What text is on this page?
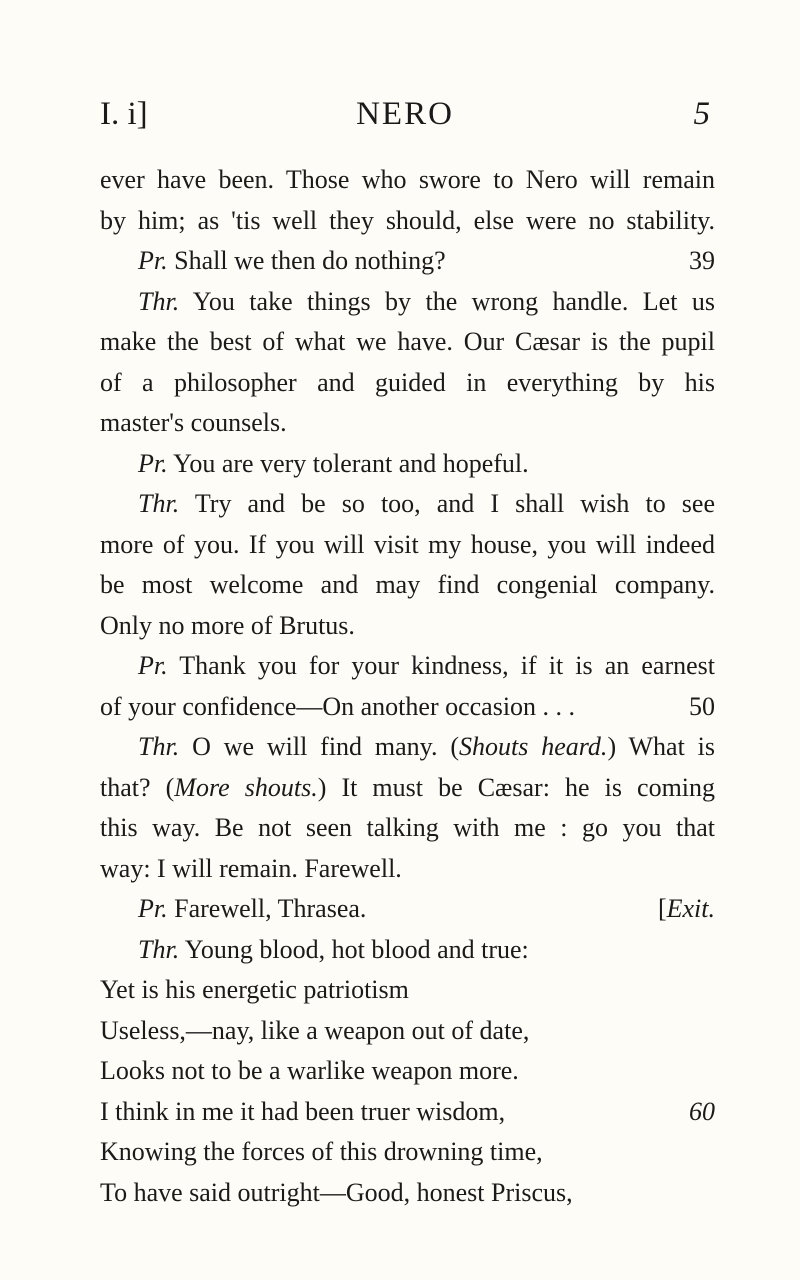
I. i]	NERO	5
ever have been. Those who swore to Nero will remain
by him; as 'tis well they should, else were no stability.
Pr. Shall we then do nothing?	39
Thr. You take things by the wrong handle. Let us
make the best of what we have. Our Cæsar is the pupil
of a philosopher and guided in everything by his
master's counsels.
Pr. You are very tolerant and hopeful.
Thr. Try and be so too, and I shall wish to see
more of you. If you will visit my house, you will indeed
be most welcome and may find congenial company.
Only no more of Brutus.
Pr. Thank you for your kindness, if it is an earnest
of your confidence—On another occasion . . .	50
Thr. O we will find many. (Shouts heard.) What is
that? (More shouts.) It must be Cæsar: he is coming
this way. Be not seen talking with me : go you that
way: I will remain. Farewell.
Pr. Farewell, Thrasea.	[Exit.
Thr. Young blood, hot blood and true:
Yet is his energetic patriotism
Useless,—nay, like a weapon out of date,
Looks not to be a warlike weapon more.
I think in me it had been truer wisdom,	60
Knowing the forces of this drowning time,
To have said outright—Good, honest Priscus,
